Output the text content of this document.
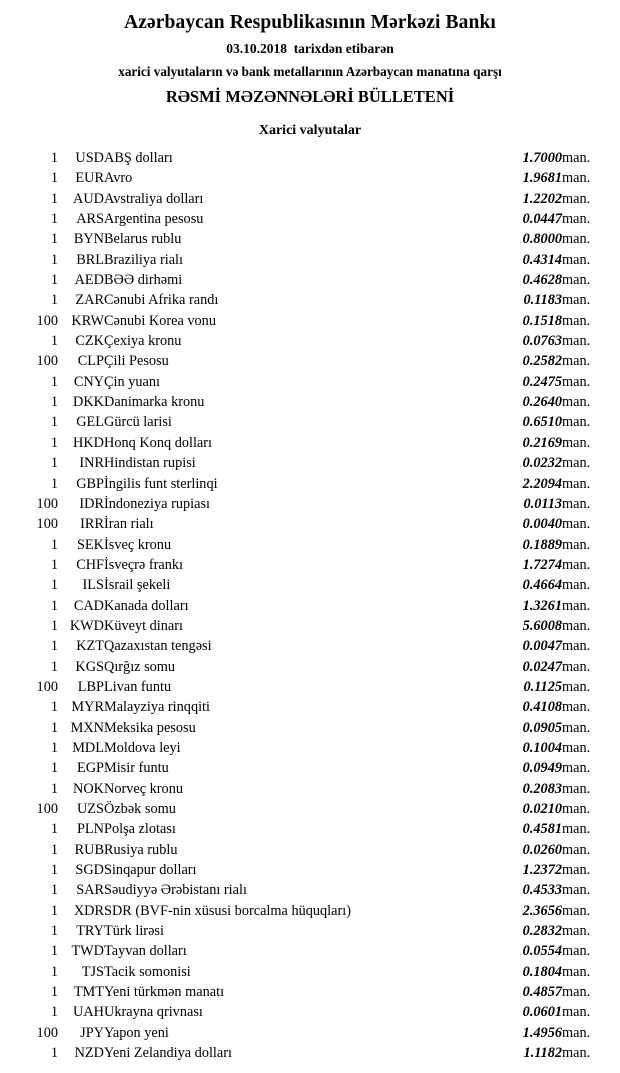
Azərbaycan Respublikasının Mərkəzi Bankı
03.10.2018 tarixdən etibarən
xarici valyutaların və bank metallarının Azərbaycan manatına qarşı
RƏSMİ MƏZƏNNƏLƏRİ BÜLLETENİ
Xarici valyutalar
1	USD	ABŞ dolları	1.7000	man.
1	EUR	Avro	1.9681	man.
1	AUD	Avstraliya dolları	1.2202	man.
1	ARS	Argentina pesosu	0.0447	man.
1	BYN	Belarus rublu	0.8000	man.
1	BRL	Braziliya rialı	0.4314	man.
1	AED	BƏƏ dirhəmi	0.4628	man.
1	ZAR	Cənubi Afrika randı	0.1183	man.
100	KRW	Cənubi Korea vonu	0.1518	man.
1	CZK	Çexiya kronu	0.0763	man.
100	CLP	Çili Pesosu	0.2582	man.
1	CNY	Çin yuanı	0.2475	man.
1	DKK	Danimarka kronu	0.2640	man.
1	GEL	Gürcü larisi	0.6510	man.
1	HKD	Honq Konq dolları	0.2169	man.
1	INR	Hindistan rupisi	0.0232	man.
1	GBP	İngilis funt sterlinqi	2.2094	man.
100	IDR	İndoneziya rupiası	0.0113	man.
100	IRR	İran rialı	0.0040	man.
1	SEK	İsveç kronu	0.1889	man.
1	CHF	İsveçrə frankı	1.7274	man.
1	ILS	İsrail şekeli	0.4664	man.
1	CAD	Kanada dolları	1.3261	man.
1	KWD	Küveyt dinarı	5.6008	man.
1	KZT	Qazaxıstan tengəsi	0.0047	man.
1	KGS	Qırğız somu	0.0247	man.
100	LBP	Livan funtu	0.1125	man.
1	MYR	Malayziya rinqqiti	0.4108	man.
1	MXN	Meksika pesosu	0.0905	man.
1	MDL	Moldova leyi	0.1004	man.
1	EGP	Misir funtu	0.0949	man.
1	NOK	Norveç kronu	0.2083	man.
100	UZS	Özbək somu	0.0210	man.
1	PLN	Polşa zlotası	0.4581	man.
1	RUB	Rusiya rublu	0.0260	man.
1	SGD	Sinqapur dolları	1.2372	man.
1	SAR	Səudiyyə Ərəbistanı rialı	0.4533	man.
1	XDR	SDR (BVF-nin xüsusi borcalma hüquqları)	2.3656	man.
1	TRY	Türk lirəsi	0.2832	man.
1	TWD	Tayvan dolları	0.0554	man.
1	TJS	Tacik somonisi	0.1804	man.
1	TMT	Yeni türkmən manatı	0.4857	man.
1	UAH	Ukrayna qrivnası	0.0601	man.
100	JPY	Yapon yeni	1.4956	man.
1	NZD	Yeni Zelandiya dolları	1.1182	man.
